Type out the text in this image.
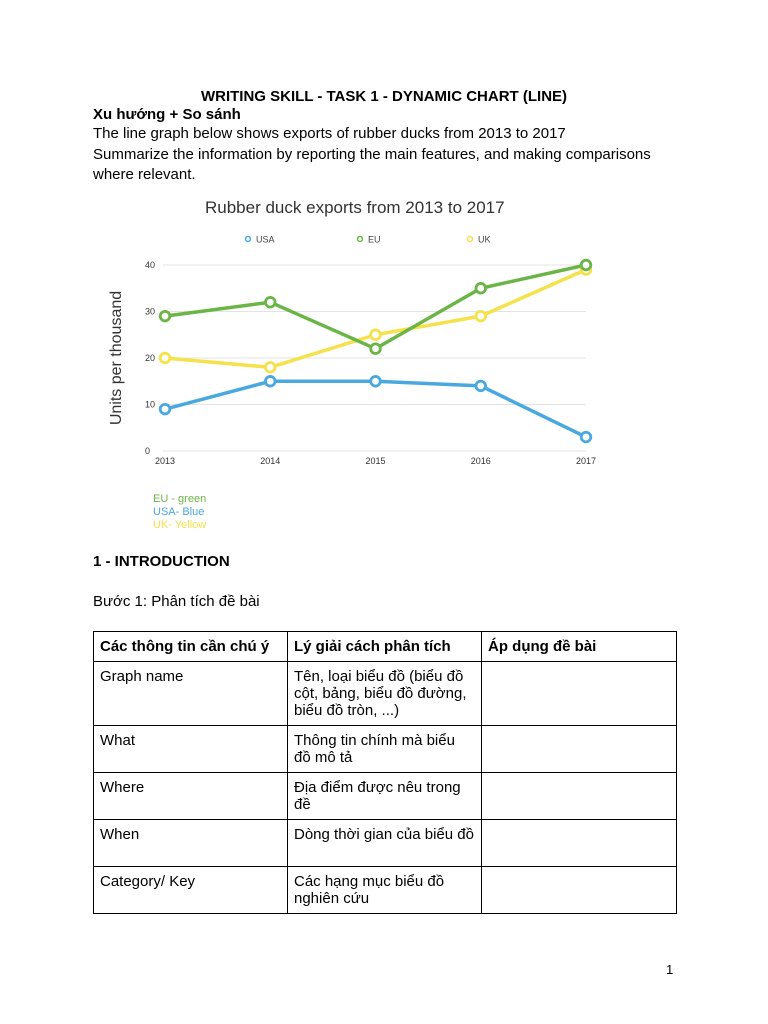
WRITING SKILL - TASK 1 - DYNAMIC CHART (LINE)
Xu hướng + So sánh
The line graph below shows exports of rubber ducks from 2013 to 2017
Summarize the information by reporting the main features, and making comparisons where relevant.
Rubber duck exports from 2013 to 2017
USA	EU	UK
0
10
20
30
40
2013	2014	2015	2016	2017
Units per thousand
EU - green
USA- Blue
UK- Yellow
1 - INTRODUCTION
Bước 1: Phân tích đề bài
Các thông tin cần chú ý	Lý giải cách phân tích	Áp dụng đề bài
Graph name	Tên, loại biểu đồ (biểu đồ cột, bảng, biểu đồ đường, biểu đồ tròn, ...)	
What	Thông tin chính mà biểu đồ mô tả	
Where	Địa điểm được nêu trong đề	
When	Dòng thời gian của biểu đồ	
Category/ Key	Các hạng mục biểu đồ nghiên cứu	
1
